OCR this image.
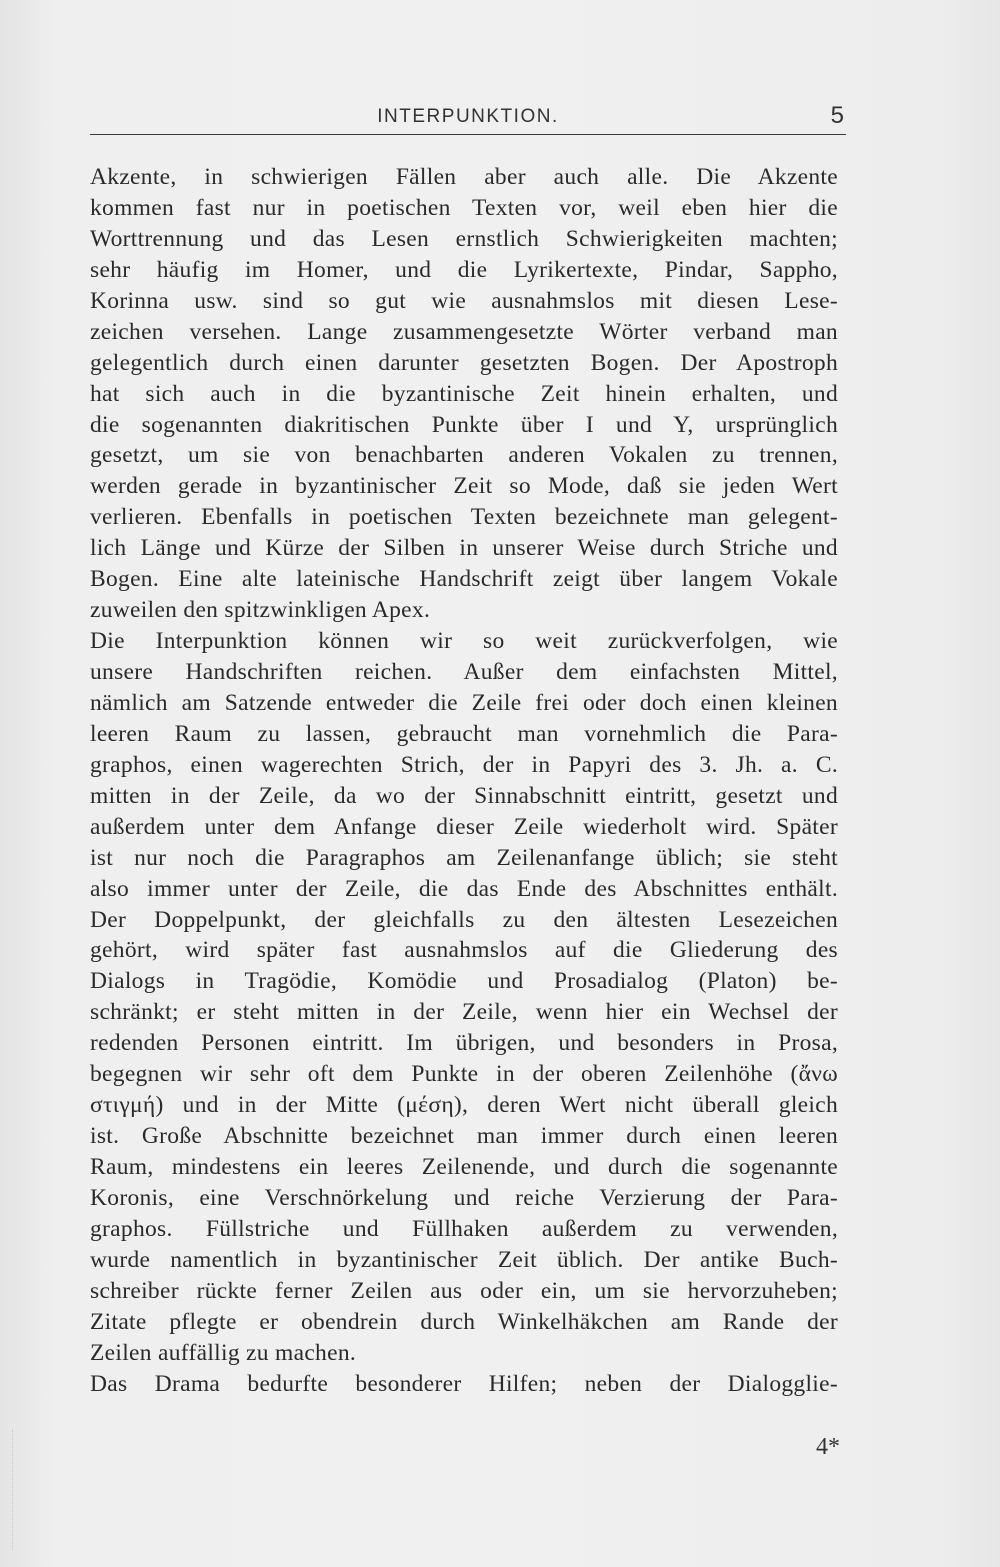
INTERPUNKTION.	5
Akzente, in schwierigen Fällen aber auch alle. Die Akzente
kommen fast nur in poetischen Texten vor, weil eben hier die
Worttrennung und das Lesen ernstlich Schwierigkeiten machten;
sehr häufig im Homer, und die Lyrikertexte, Pindar, Sappho,
Korinna usw. sind so gut wie ausnahmslos mit diesen Lese-
zeichen versehen. Lange zusammengesetzte Wörter verband man
gelegentlich durch einen darunter gesetzten Bogen. Der Apostroph
hat sich auch in die byzantinische Zeit hinein erhalten, und
die sogenannten diakritischen Punkte über I und Y, ursprünglich
gesetzt, um sie von benachbarten anderen Vokalen zu trennen,
werden gerade in byzantinischer Zeit so Mode, daß sie jeden Wert
verlieren. Ebenfalls in poetischen Texten bezeichnete man gelegent-
lich Länge und Kürze der Silben in unserer Weise durch Striche und
Bogen. Eine alte lateinische Handschrift zeigt über langem Vokale
zuweilen den spitzwinkligen Apex.
Die Interpunktion können wir so weit zurückverfolgen, wie
unsere Handschriften reichen. Außer dem einfachsten Mittel,
nämlich am Satzende entweder die Zeile frei oder doch einen kleinen
leeren Raum zu lassen, gebraucht man vornehmlich die Para-
graphos, einen wagerechten Strich, der in Papyri des 3. Jh. a. C.
mitten in der Zeile, da wo der Sinnabschnitt eintritt, gesetzt und
außerdem unter dem Anfange dieser Zeile wiederholt wird. Später
ist nur noch die Paragraphos am Zeilenanfange üblich; sie steht
also immer unter der Zeile, die das Ende des Abschnittes enthält.
Der Doppelpunkt, der gleichfalls zu den ältesten Lesezeichen
gehört, wird später fast ausnahmslos auf die Gliederung des
Dialogs in Tragödie, Komödie und Prosadialog (Platon) be-
schränkt; er steht mitten in der Zeile, wenn hier ein Wechsel der
redenden Personen eintritt. Im übrigen, und besonders in Prosa,
begegnen wir sehr oft dem Punkte in der oberen Zeilenhöhe (ἄνω
στιγμή) und in der Mitte (μέση), deren Wert nicht überall gleich
ist. Große Abschnitte bezeichnet man immer durch einen leeren
Raum, mindestens ein leeres Zeilenende, und durch die sogenannte
Koronis, eine Verschnörkelung und reiche Verzierung der Para-
graphos. Füllstriche und Füllhaken außerdem zu verwenden,
wurde namentlich in byzantinischer Zeit üblich. Der antike Buch-
schreiber rückte ferner Zeilen aus oder ein, um sie hervorzuheben;
Zitate pflegte er obendrein durch Winkelhäkchen am Rande der
Zeilen auffällig zu machen.
Das Drama bedurfte besonderer Hilfen; neben der Dialogglie-
4*
